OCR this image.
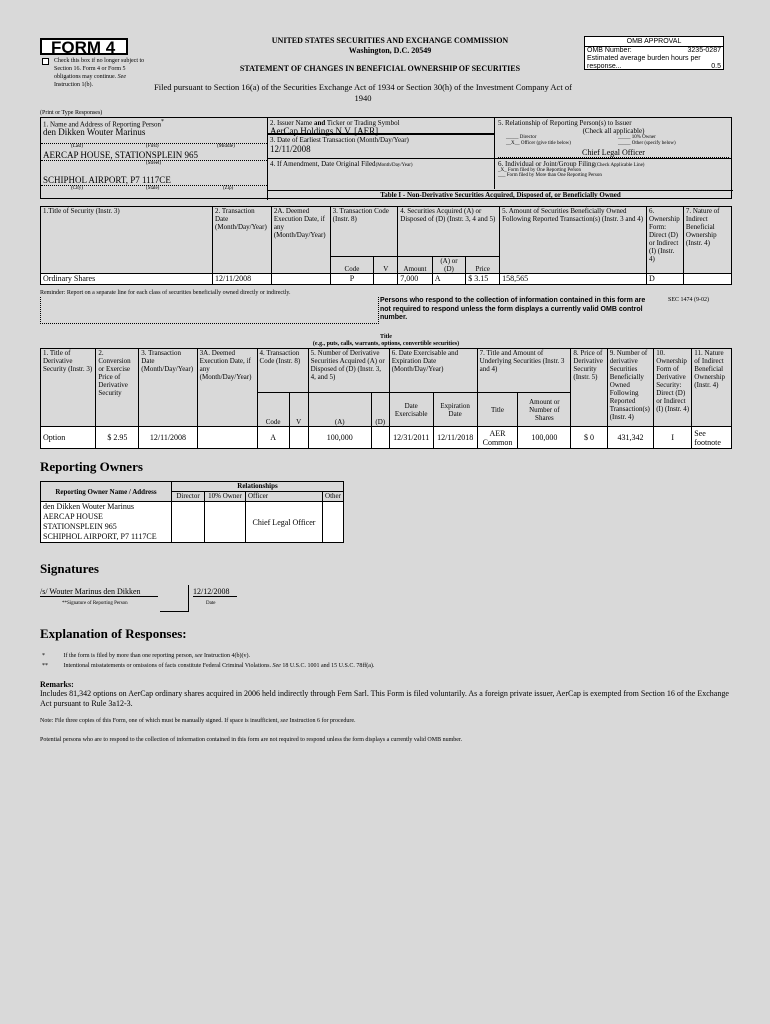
FORM 4
Check this box if no longer subject to Section 16. Form 4 or Form 5 obligations may continue. See Instruction 1(b).
UNITED STATES SECURITIES AND EXCHANGE COMMISSION
Washington, D.C. 20549
STATEMENT OF CHANGES IN BENEFICIAL OWNERSHIP OF SECURITIES
Filed pursuant to Section 16(a) of the Securities Exchange Act of 1934 or Section 30(h) of the Investment Company Act of
1940
OMB APPROVAL
OMB Number:	3235-0287
Estimated average burden hours per response...	0.5
(Print or Type Responses)
1. Name and Address of Reporting Person*
den Dikken Wouter Marinus
(Last)	(First)	(Middle)
AERCAP HOUSE, STATIONSPLEIN 965
(Street)
SCHIPHOL AIRPORT, P7 1117CE
(City)	(State)	(Zip)
2. Issuer Name and Ticker or Trading Symbol
AerCap Holdings N.V. [AER]
3. Date of Earliest Transaction (Month/Day/Year)
12/11/2008
4. If Amendment, Date Original Filed(Month/Day/Year)
5. Relationship of Reporting Person(s) to Issuer
(Check all applicable)
_____ Director	_____ 10% Owner
__X__ Officer (give title below)	_____ Other (specify below)
Chief Legal Officer
6. Individual or Joint/Group Filing(Check Applicable Line)
_X_ Form filed by One Reporting Person
___ Form filed by More than One Reporting Person
Table I - Non-Derivative Securities Acquired, Disposed of, or Beneficially Owned
1.Title of Security (Instr. 3)	2. Transaction Date (Month/Day/Year)	2A. Deemed Execution Date, if any (Month/Day/Year)	3. Transaction Code (Instr. 8)		4. Securities Acquired (A) or Disposed of (D) (Instr. 3, 4 and 5)			5. Amount of Securities Beneficially Owned Following Reported Transaction(s) (Instr. 3 and 4)	6. Ownership Form: Direct (D) or Indirect (I) (Instr. 4)	7. Nature of Indirect Beneficial Ownership (Instr. 4)
			Code	V	Amount	(A) or (D)	Price			
Ordinary Shares	12/11/2008		P		7,000	A	$ 3.15	158,565	D	
Reminder: Report on a separate line for each class of securities beneficially owned directly or indirectly.
Persons who respond to the collection of information contained in this form are not required to respond unless the form displays a currently valid OMB control number.
SEC 1474 (9-02)
Title
(e.g., puts, calls, warrants, options, convertible securities)
1. Title of Derivative Security (Instr. 3)	2. Conversion or Exercise Price of Derivative Security	3. Transaction Date (Month/Day/Year)	3A. Deemed Execution Date, if any (Month/Day/Year)	4. Transaction Code (Instr. 8)		5. Number of Derivative Securities Acquired (A) or Disposed of (D) (Instr. 3, 4, and 5)		6. Date Exercisable and Expiration Date (Month/Day/Year)		7. Title and Amount of Underlying Securities (Instr. 3 and 4)		8. Price of Derivative Security (Instr. 5)	9. Number of derivative Securities Beneficially Owned Following Reported Transaction(s) (Instr. 4)	10. Ownership Form of Derivative Security: Direct (D) or Indirect (I) (Instr. 4)	11. Nature of Indirect Beneficial Ownership (Instr. 4)
				Code	V	(A)	(D)	Date Exercisable	Expiration Date	Title	Amount or Number of Shares				
Option	$ 2.95	12/11/2008		A		100,000		12/31/2011	12/11/2018	AER Common	100,000	$ 0	431,342	I	See footnote
Reporting Owners
Reporting Owner Name / Address	Relationships			
	Director	10% Owner	Officer	Other

den Dikken Wouter Marinus
AERCAP HOUSE
STATIONSPLEIN 965
SCHIPHOL AIRPORT, P7 1117CE			Chief Legal Officer	
Signatures
/s/ Wouter Marinus den Dikken	12/12/2008
**Signature of Reporting Person	Date
Explanation of Responses:
*	If the form is filed by more than one reporting person, see Instruction 4(b)(v).
**	Intentional misstatements or omissions of facts constitute Federal Criminal Violations. See 18 U.S.C. 1001 and 15 U.S.C. 78ff(a).
Remarks:
Includes 81,342 options on AerCap ordinary shares acquired in 2006 held indirectly through Fern Sarl. This Form is filed voluntarily. As a foreign private issuer, AerCap is exempted from Section 16 of the Exchange Act pursuant to Rule 3a12-3.
Note: File three copies of this Form, one of which must be manually signed. If space is insufficient, see Instruction 6 for procedure.
Potential persons who are to respond to the collection of information contained in this form are not required to respond unless the form displays a currently valid OMB number.
